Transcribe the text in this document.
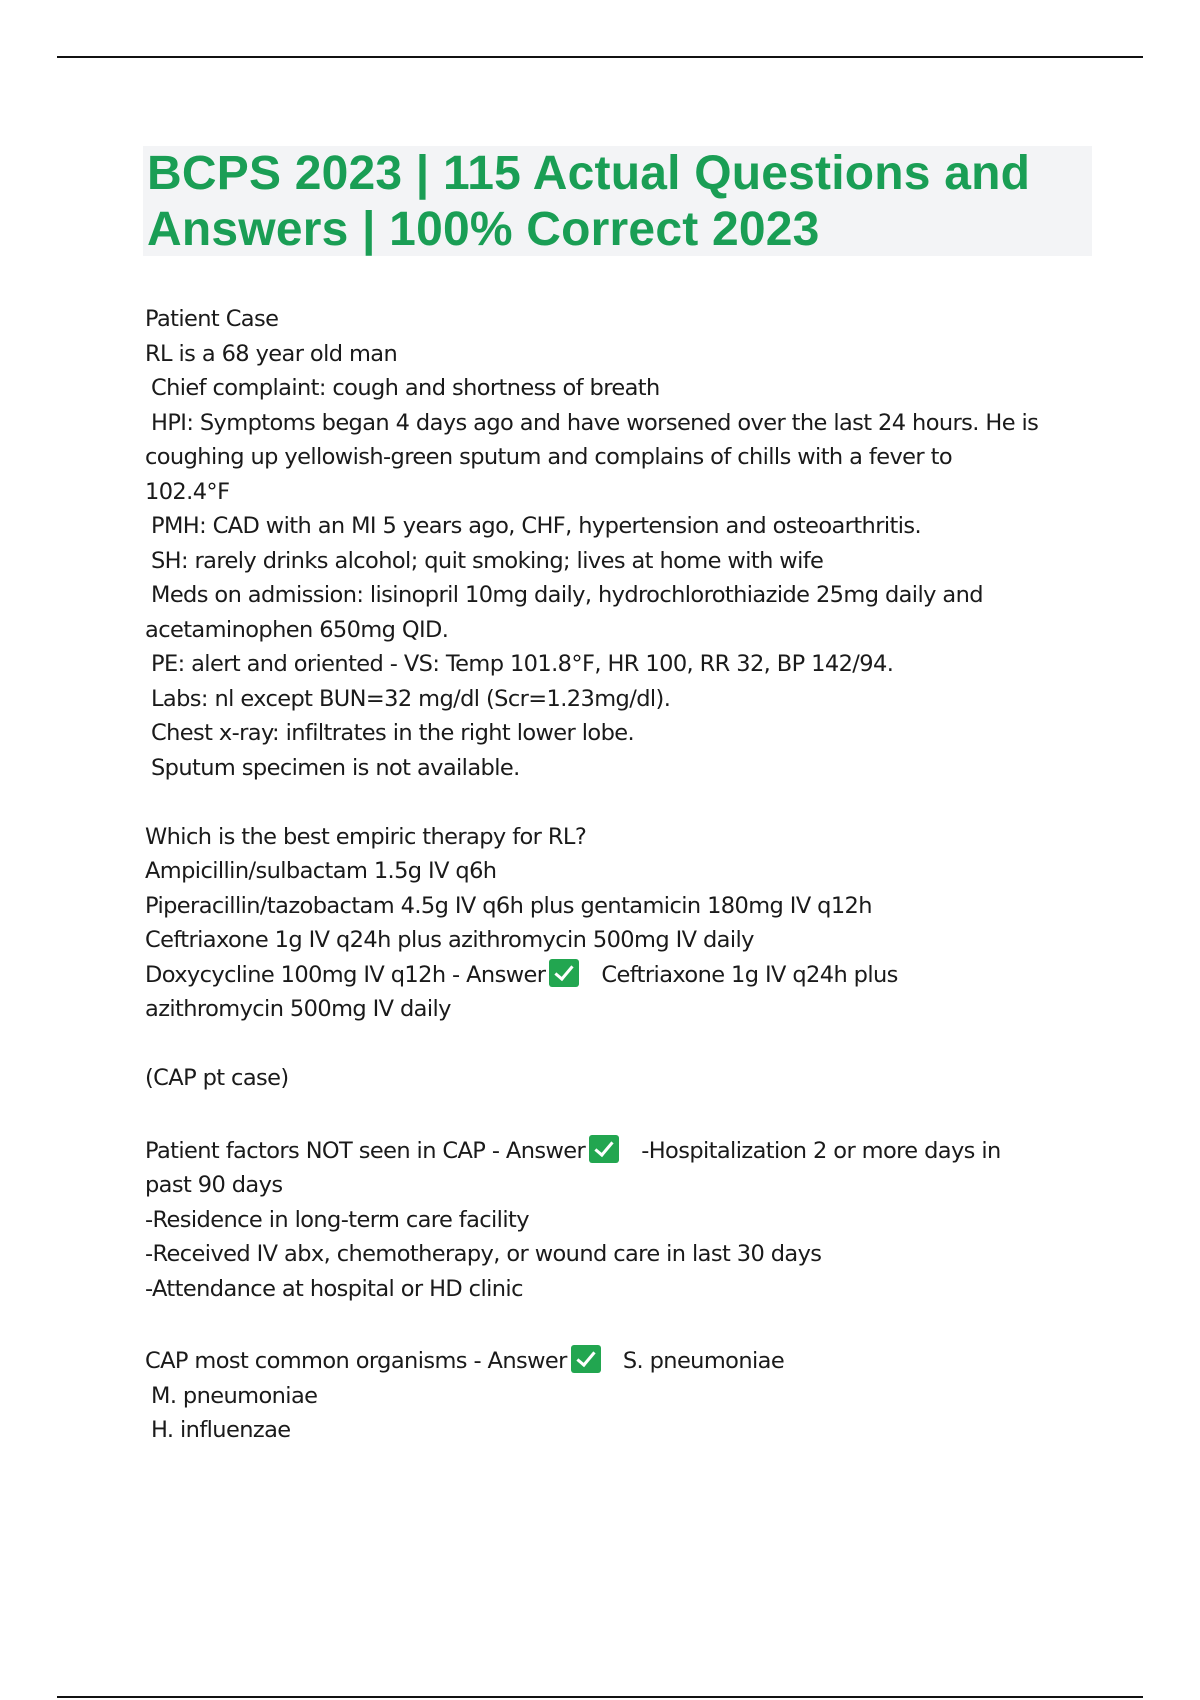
BCPS 2023 | 115 Actual Questions and
Answers | 100% Correct 2023
Patient Case
RL is a 68 year old man
Chief complaint: cough and shortness of breath
HPI: Symptoms began 4 days ago and have worsened over the last 24 hours. He is
coughing up yellowish-green sputum and complains of chills with a fever to
102.4°F
PMH: CAD with an MI 5 years ago, CHF, hypertension and osteoarthritis.
SH: rarely drinks alcohol; quit smoking; lives at home with wife
Meds on admission: lisinopril 10mg daily, hydrochlorothiazide 25mg daily and
acetaminophen 650mg QID.
PE: alert and oriented - VS: Temp 101.8°F, HR 100, RR 32, BP 142/94.
Labs: nl except BUN=32 mg/dl (Scr=1.23mg/dl).
Chest x-ray: infiltrates in the right lower lobe.
Sputum specimen is not available.
Which is the best empiric therapy for RL?
Ampicillin/sulbactam 1.5g IV q6h
Piperacillin/tazobactam 4.5g IV q6h plus gentamicin 180mg IV q12h
Ceftriaxone 1g IV q24h plus azithromycin 500mg IV daily
Doxycycline 100mg IV q12h - Answer Ceftriaxone 1g IV q24h plus
azithromycin 500mg IV daily
(CAP pt case)
Patient factors NOT seen in CAP - Answer -Hospitalization 2 or more days in
past 90 days
-Residence in long-term care facility
-Received IV abx, chemotherapy, or wound care in last 30 days
-Attendance at hospital or HD clinic
CAP most common organisms - Answer S. pneumoniae
M. pneumoniae
H. influenzae
